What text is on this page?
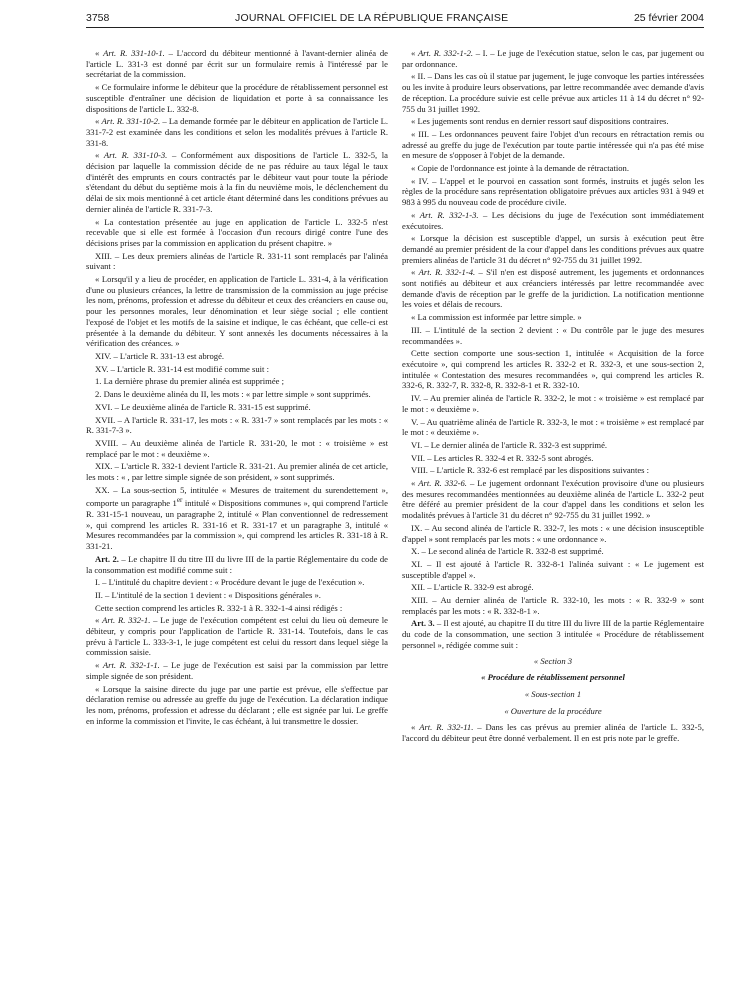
3758	JOURNAL OFFICIEL DE LA RÉPUBLIQUE FRANÇAISE	25 février 2004

« Art. R. 331-10-1. – L'accord du débiteur mentionné à l'avant-dernier alinéa de l'article L. 331-3 est donné par écrit sur un formulaire remis à l'intéressé par le secrétariat de la commission.

« Ce formulaire informe le débiteur que la procédure de rétablissement personnel est susceptible d'entraîner une décision de liquidation et porte à sa connaissance les dispositions de l'article L. 332-8.

« Art. R. 331-10-2. – La demande formée par le débiteur en application de l'article L. 331-7-2 est examinée dans les conditions et selon les modalités prévues à l'article R. 331-8.

« Art. R. 331-10-3. – Conformément aux dispositions de l'article L. 332-5, la décision par laquelle la commission décide de ne pas réduire au taux légal le taux d'intérêt des emprunts en cours contractés par le débiteur vaut pour toute la période s'étendant du début du septième mois à la fin du neuvième mois, le déclenchement du délai de six mois mentionné à cet article étant déterminé dans les conditions prévues au dernier alinéa de l'article R. 331-7-3.

« La contestation présentée au juge en application de l'article L. 332-5 n'est recevable que si elle est formée à l'occasion d'un recours dirigé contre l'une des décisions prises par la commission en application du présent chapitre. »

XIII. – Les deux premiers alinéas de l'article R. 331-11 sont remplacés par l'alinéa suivant :

« Lorsqu'il y a lieu de procéder, en application de l'article L. 331-4, à la vérification d'une ou plusieurs créances, la lettre de transmission de la commission au juge précise les nom, prénoms, profession et adresse du débiteur et ceux des créanciers en cause ou, pour les personnes morales, leur dénomination et leur siège social ; elle contient l'exposé de l'objet et les motifs de la saisine et indique, le cas échéant, que celle-ci est présentée à la demande du débiteur. Y sont annexés les documents nécessaires à la vérification des créances. »

XIV. – L'article R. 331-13 est abrogé.

XV. – L'article R. 331-14 est modifié comme suit :

1. La dernière phrase du premier alinéa est supprimée ;

2. Dans le deuxième alinéa du II, les mots : « par lettre simple » sont supprimés.

XVI. – Le deuxième alinéa de l'article R. 331-15 est supprimé.

XVII. – A l'article R. 331-17, les mots : « R. 331-7 » sont remplacés par les mots : « R. 331-7-3 ».

XVIII. – Au deuxième alinéa de l'article R. 331-20, le mot : « troisième » est remplacé par le mot : « deuxième ».

XIX. – L'article R. 332-1 devient l'article R. 331-21. Au premier alinéa de cet article, les mots : « , par lettre simple signée de son président, » sont supprimés.

XX. – La sous-section 5, intitulée « Mesures de traitement du surendettement », comporte un paragraphe 1er intitulé « Dispositions communes », qui comprend l'article R. 331-15-1 nouveau, un paragraphe 2, intitulé « Plan conventionnel de redressement », qui comprend les articles R. 331-16 et R. 331-17 et un paragraphe 3, intitulé « Mesures recommandées par la commission », qui comprend les articles R. 331-18 à R. 331-21.

Art. 2. – Le chapitre II du titre III du livre III de la partie Réglementaire du code de la consommation est modifié comme suit :

I. – L'intitulé du chapitre devient : « Procédure devant le juge de l'exécution ».

II. – L'intitulé de la section 1 devient : « Dispositions générales ».

Cette section comprend les articles R. 332-1 à R. 332-1-4 ainsi rédigés :

« Art. R. 332-1. – Le juge de l'exécution compétent est celui du lieu où demeure le débiteur, y compris pour l'application de l'article R. 331-14. Toutefois, dans le cas prévu à l'article L. 333-3-1, le juge compétent est celui du ressort dans lequel siège la commission saisie.

« Art. R. 332-1-1. – Le juge de l'exécution est saisi par la commission par lettre simple signée de son président.

« Lorsque la saisine directe du juge par une partie est prévue, elle s'effectue par déclaration remise ou adressée au greffe du juge de l'exécution. La déclaration indique les nom, prénoms, profession et adresse du déclarant ; elle est signée par lui. Le greffe en informe la commission et l'invite, le cas échéant, à lui transmettre le dossier.

« Art. R. 332-1-2. – I. – Le juge de l'exécution statue, selon le cas, par jugement ou par ordonnance.

« II. – Dans les cas où il statue par jugement, le juge convoque les parties intéressées ou les invite à produire leurs observations, par lettre recommandée avec demande d'avis de réception. La procédure suivie est celle prévue aux articles 11 à 14 du décret n° 92-755 du 31 juillet 1992.

« Les jugements sont rendus en dernier ressort sauf dispositions contraires.

« III. – Les ordonnances peuvent faire l'objet d'un recours en rétractation remis ou adressé au greffe du juge de l'exécution par toute partie intéressée qui n'a pas été mise en mesure de s'opposer à l'objet de la demande.

« Copie de l'ordonnance est jointe à la demande de rétractation.

« IV. – L'appel et le pourvoi en cassation sont formés, instruits et jugés selon les règles de la procédure sans représentation obligatoire prévues aux articles 931 à 949 et 983 à 995 du nouveau code de procédure civile.

« Art. R. 332-1-3. – Les décisions du juge de l'exécution sont immédiatement exécutoires.

« Lorsque la décision est susceptible d'appel, un sursis à exécution peut être demandé au premier président de la cour d'appel dans les conditions prévues aux quatre premiers alinéas de l'article 31 du décret n° 92-755 du 31 juillet 1992.

« Art. R. 332-1-4. – S'il n'en est disposé autrement, les jugements et ordonnances sont notifiés au débiteur et aux créanciers intéressés par lettre recommandée avec demande d'avis de réception par le greffe de la juridiction. La notification mentionne les voies et délais de recours.

« La commission est informée par lettre simple. »

III. – L'intitulé de la section 2 devient : « Du contrôle par le juge des mesures recommandées ».

Cette section comporte une sous-section 1, intitulée « Acquisition de la force exécutoire », qui comprend les articles R. 332-2 et R. 332-3, et une sous-section 2, intitulée « Contestation des mesures recommandées », qui comprend les articles R. 332-6, R. 332-7, R. 332-8, R. 332-8-1 et R. 332-10.

IV. – Au premier alinéa de l'article R. 332-2, le mot : « troisième » est remplacé par le mot : « deuxième ».

V. – Au quatrième alinéa de l'article R. 332-3, le mot : « troisième » est remplacé par le mot : « deuxième ».

VI. – Le dernier alinéa de l'article R. 332-3 est supprimé.

VII. – Les articles R. 332-4 et R. 332-5 sont abrogés.

VIII. – L'article R. 332-6 est remplacé par les dispositions suivantes :

« Art. R. 332-6. – Le jugement ordonnant l'exécution provisoire d'une ou plusieurs des mesures recommandées mentionnées au deuxième alinéa de l'article L. 332-2 peut être déféré au premier président de la cour d'appel dans les conditions et selon les modalités prévues à l'article 31 du décret n° 92-755 du 31 juillet 1992. »

IX. – Au second alinéa de l'article R. 332-7, les mots : « une décision insusceptible d'appel » sont remplacés par les mots : « une ordonnance ».

X. – Le second alinéa de l'article R. 332-8 est supprimé.

XI. – Il est ajouté à l'article R. 332-8-1 l'alinéa suivant : « Le jugement est susceptible d'appel ».

XII. – L'article R. 332-9 est abrogé.

XIII. – Au dernier alinéa de l'article R. 332-10, les mots : « R. 332-9 » sont remplacés par les mots : « R. 332-8-1 ».

Art. 3. – Il est ajouté, au chapitre II du titre III du livre III de la partie Réglementaire du code de la consommation, une section 3 intitulée « Procédure de rétablissement personnel », rédigée comme suit :

« Section 3

« Procédure de rétablissement personnel

« Sous-section 1

« Ouverture de la procédure

« Art. R. 332-11. – Dans les cas prévus au premier alinéa de l'article L. 332-5, l'accord du débiteur peut être donné verbalement. Il en est pris note par le greffe.
